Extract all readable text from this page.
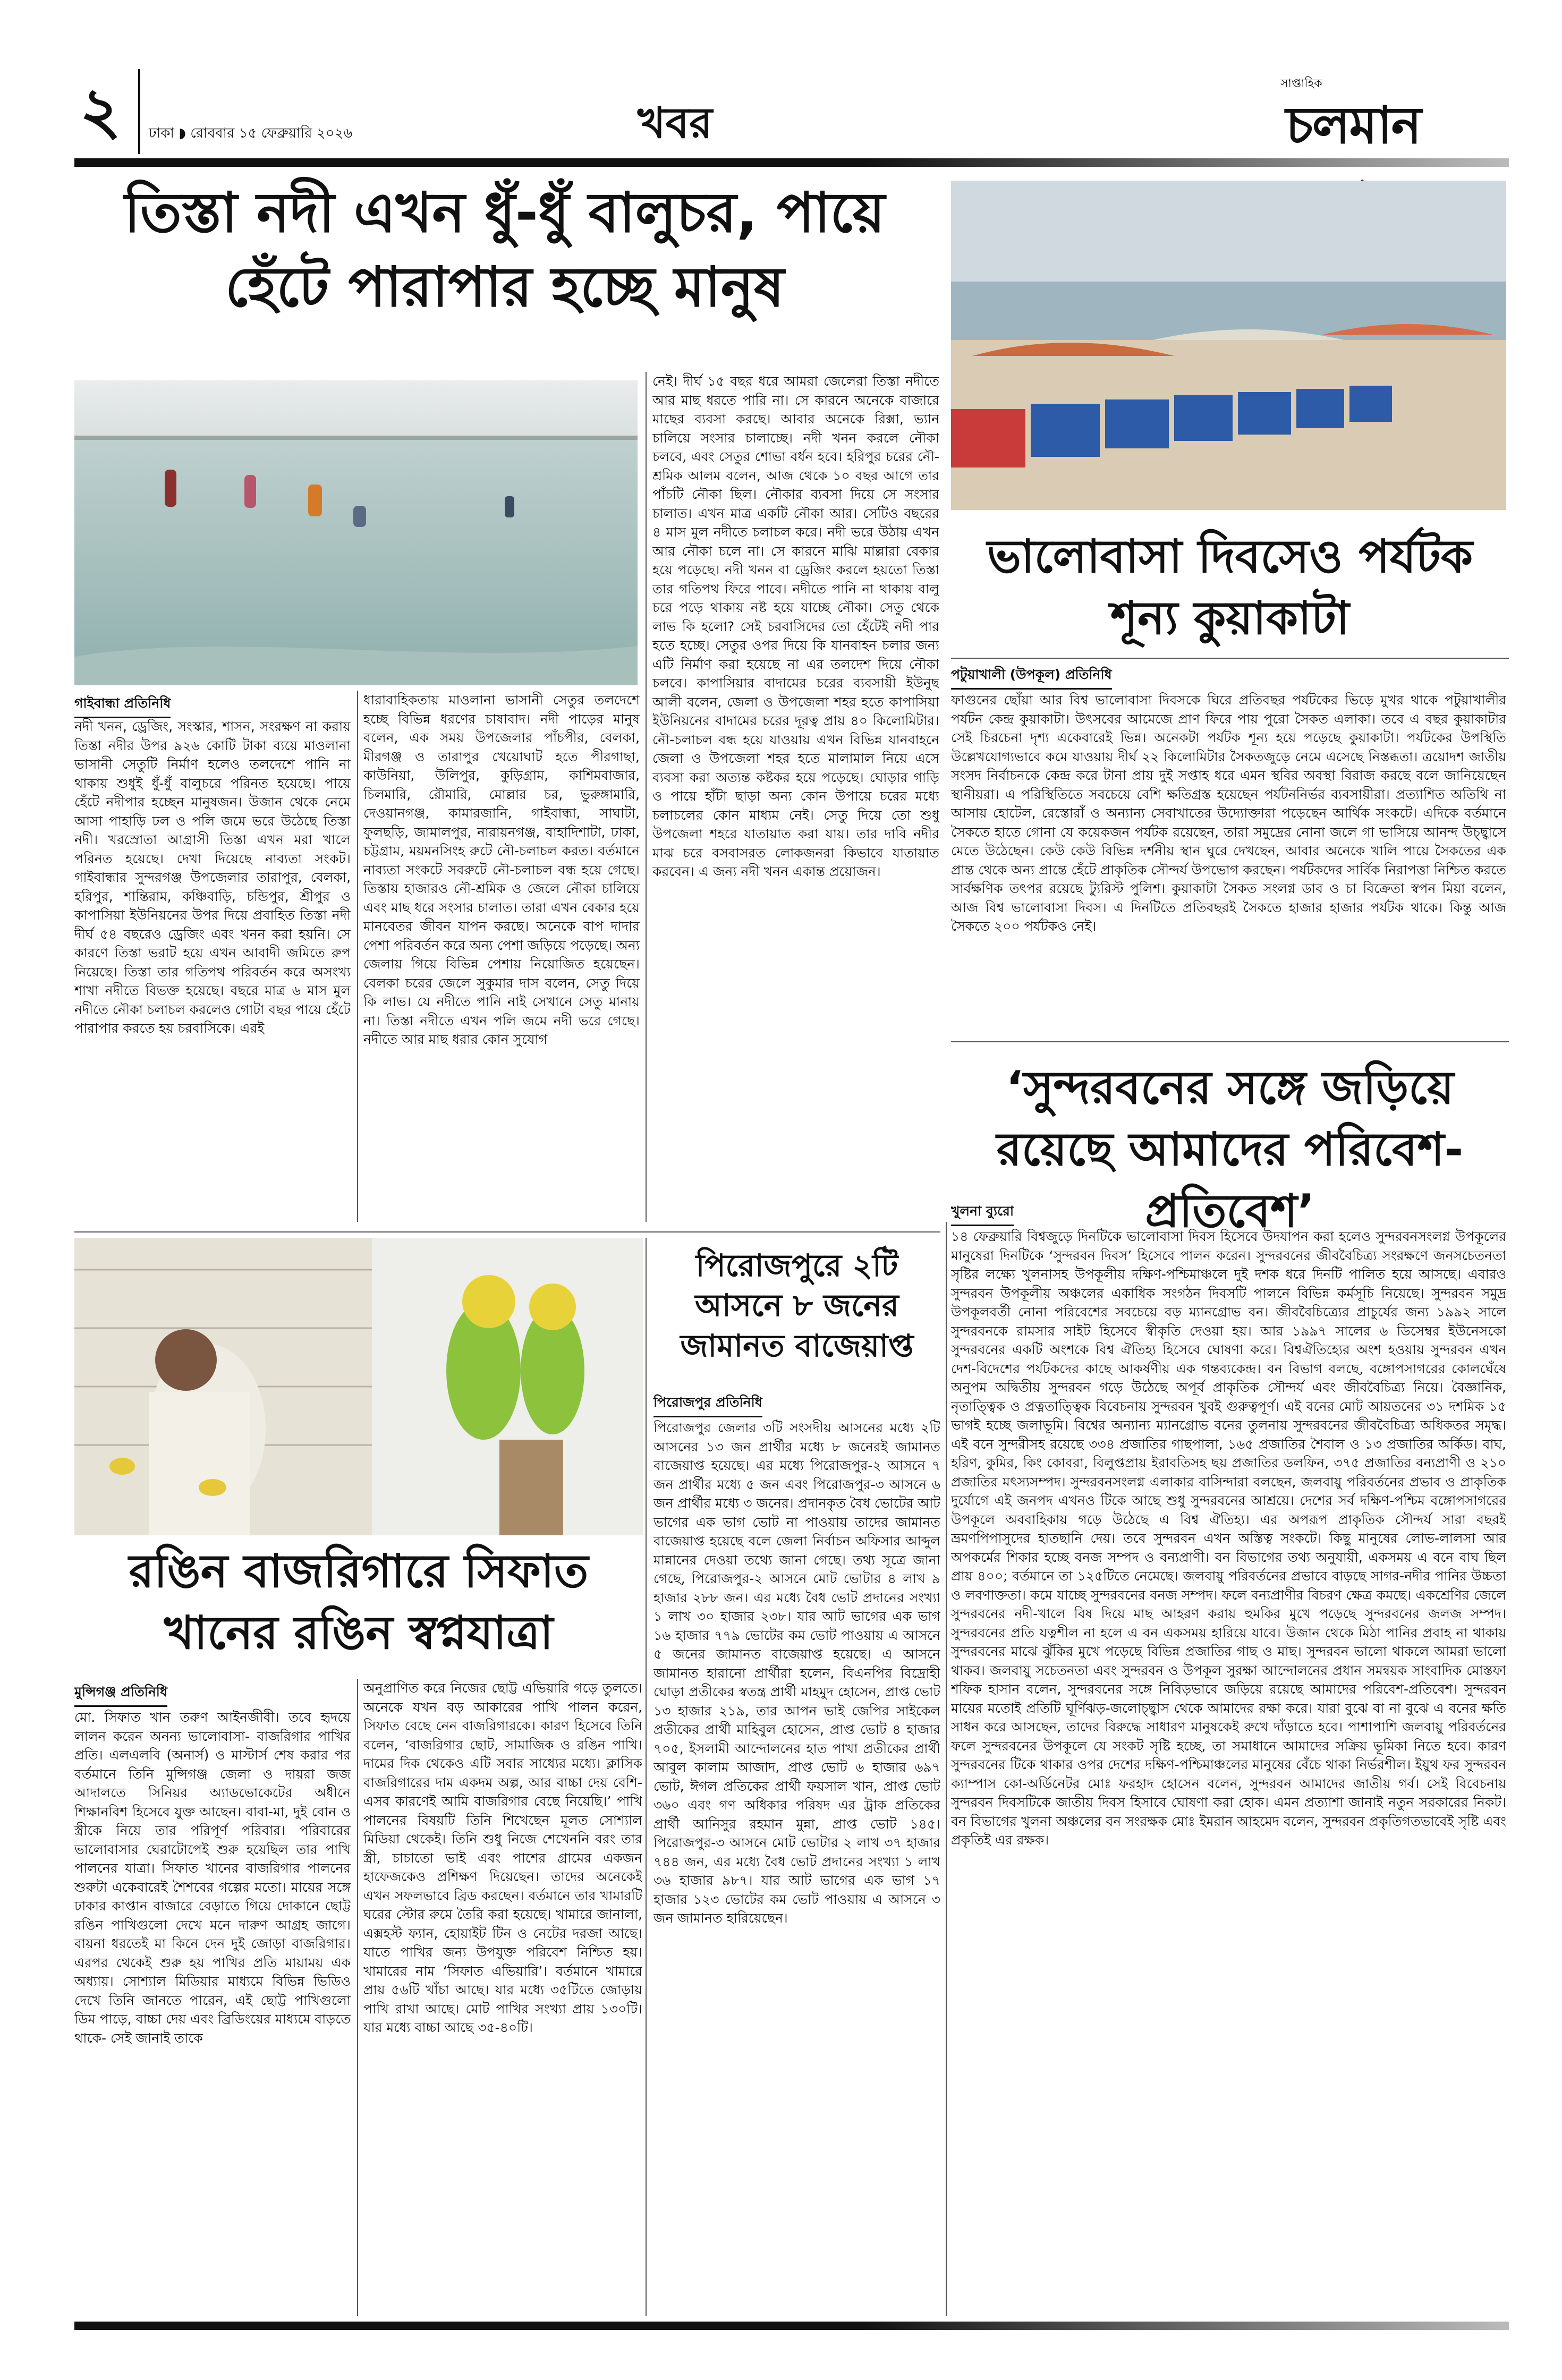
২ ঢাকা ◗ রোববার ১৫ ফেব্রুয়ারি ২০২৬	খবর
সাপ্তাহিক
চলমান
তিস্তা নদী এখন ধুঁ-ধুঁ বালুচর, পায়ে হেঁটে পারাপার হচ্ছে মানুষ
গাইবান্ধা প্রতিনিধি

নদী খনন, ড্রেজিং, সংস্কার, শাসন, সংরক্ষণ না করায় তিস্তা নদীর উপর ৯২৬ কোটি টাকা ব্যয়ে মাওলানা ভাসানী সেতুটি নির্মাণ হলেও তলদেশে পানি না থাকায় শুধুই ধুঁ-ধুঁ বালুচরে পরিনত হয়েছে। পায়ে হেঁটে নদীপার হচ্ছেন মানুষজন। উজান থেকে নেমে আসা পাহাড়ি ঢল ও পলি জমে ভরে উঠেছে তিস্তা নদী। খরস্রোতা আগ্রাসী তিস্তা এখন মরা খালে পরিনত হয়েছে। দেখা দিয়েছে নাব্যতা সংকট। গাইবান্ধার সুন্দরগঞ্জ উপজেলার তারাপুর, বেলকা, হরিপুর, শান্তিরাম, কঞ্চিবাড়ি, চন্ডিপুর, শ্রীপুর ও কাপাসিয়া ইউনিয়নের উপর দিয়ে প্রবাহিত তিস্তা নদী দীর্ঘ ৫৪ বছরেও ড্রেজিং এবং খনন করা হয়নি। সে কারণে তিস্তা ভরাট হয়ে এখন আবাদী জমিতে রুপ নিয়েছে। তিস্তা তার গতিপথ পরিবর্তন করে অসংখ্য শাখা নদীতে বিভক্ত হয়েছে। বছরে মাত্র ৬ মাস মুল নদীতে নৌকা চলাচল করলেও গোটা বছর পায়ে হেঁটে পারাপার করতে হয় চরবাসিকে। এরই

ধারাবাহিকতায় মাওলানা ভাসানী সেতুর তলদেশে হচ্ছে বিভিন্ন ধরণের চাষাবাদ। নদী পাড়ের মানুষ বলেন, এক সময় উপজেলার পাঁচপীর, বেলকা, মীরগঞ্জ ও তারাপুর খেয়োঘাট হতে পীরগাছা, কাউনিয়া, উলিপুর, কুড়িগ্রাম, কাশিমবাজার, চিলমারি, রৌমারি, মোল্লার চর, ভুরুঙ্গামারি, দেওয়ানগঞ্জ, কামারজানি, গাইবান্ধা, সাঘাটা, ফুলছড়ি, জামালপুর, নারায়নগঞ্জ, বাহাদিশাটা, ঢাকা, চট্টগ্রাম, ময়মনসিংহ রুটে নৌ-চলাচল করত। বর্তমানে নাব্যতা সংকটে সবরুটে নৌ-চলাচল বন্ধ হয়ে গেছে। তিস্তায় হাজারও নৌ-শ্রমিক ও জেলে নৌকা চালিয়ে এবং মাছ ধরে সংসার চালাত। তারা এখন বেকার হয়ে মানবেতর জীবন যাপন করছে। অনেকে বাপ দাদার পেশা পরিবর্তন করে অন্য পেশা জড়িয়ে পড়েছে। অন্য জেলায় গিয়ে বিভিন্ন পেশায় নিয়োজিত হয়েছেন। বেলকা চরের জেলে সুকুমার দাস বলেন, সেতু দিয়ে কি লাভ। যে নদীতে পানি নাই সেখানে সেতু মানায় না। তিস্তা নদীতে এখন পলি জমে নদী ভরে গেছে। নদীতে আর মাছ ধরার কোন সুযোগ

নেই। দীর্ঘ ১৫ বছর ধরে আমরা জেলেরা তিস্তা নদীতে আর মাছ ধরতে পারি না। সে কারনে অনেকে বাজারে মাছের ব্যবসা করছে। আবার অনেকে রিক্সা, ভ্যান চালিয়ে সংসার চালাচ্ছে। নদী খনন করলে নৌকা চলবে, এবং সেতুর শোভা বর্ধন হবে। হরিপুর চরের নৌ-শ্রমিক আলম বলেন, আজ থেকে ১০ বছর আগে তার পাঁচটি নৌকা ছিল। নৌকার ব্যবসা দিয়ে সে সংসার চালাত। এখন মাত্র একটি নৌকা আর। সেটিও বছরের ৪ মাস মুল নদীতে চলাচল করে। নদী ভরে উঠায় এখন আর নৌকা চলে না। সে কারনে মাঝি মাল্লারা বেকার হয়ে পড়েছে। নদী খনন বা ড্রেজিং করলে হয়তো তিস্তা তার গতিপথ ফিরে পাবে। নদীতে পানি না থাকায় বালু চরে পড়ে থাকায় নষ্ট হয়ে যাচ্ছে নৌকা। সেতু থেকে লাভ কি হলো? সেই চরবাসিদের তো হেঁটেই নদী পার হতে হচ্ছে। সেতুর ওপর দিয়ে কি যানবাহন চলার জন্য এটি নির্মাণ করা হয়েছে না এর তলদেশ দিয়ে নৌকা চলবে। কাপাসিয়ার বাদামের চরের ব্যবসায়ী ইউনুছ আলী বলেন, জেলা ও উপজেলা শহর হতে কাপাসিয়া ইউনিয়নের বাদামের চরের দূরত্ব প্রায় ৪০ কিলোমিটার। নৌ-চলাচল বন্ধ হয়ে যাওয়ায় এখন বিভিন্ন যানবাহনে জেলা ও উপজেলা শহর হতে মালামাল নিয়ে এসে ব্যবসা করা অত্যন্ত কষ্টকর হয়ে পড়েছে। ঘোড়ার গাড়ি ও পায়ে হাঁটা ছাড়া অন্য কোন উপায়ে চরের মধ্যে চলাচলের কোন মাধ্যম নেই। সেতু দিয়ে তো শুধু উপজেলা শহরে যাতায়াত করা যায়। তার দাবি নদীর মাঝ চরে বসবাসরত লোকজনরা কিভাবে যাতায়াত করবেন। এ জন্য নদী খনন একান্ত প্রয়োজন।

ভালোবাসা দিবসেও পর্যটক শূন্য কুয়াকাটা
পটুয়াখালী (উপকূল) প্রতিনিধি

ফাগুনের ছোঁয়া আর বিশ্ব ভালোবাসা দিবসকে ঘিরে প্রতিবছর পর্যটকের ভিড়ে মুখর থাকে পটুয়াখালীর পর্যটন কেন্দ্র কুয়াকাটা। উৎসবের আমেজে প্রাণ ফিরে পায় পুরো সৈকত এলাকা। তবে এ বছর কুয়াকাটার সেই চিরচেনা দৃশ্য একেবারেই ভিন্ন। অনেকটা পর্যটক শূন্য হয়ে পড়েছে কুয়াকাটা। পর্যটকের উপস্থিতি উল্লেখযোগ্যভাবে কমে যাওয়ায় দীর্ঘ ২২ কিলোমিটার সৈকতজুড়ে নেমে এসেছে নিস্তব্ধতা। ত্রয়োদশ জাতীয় সংসদ নির্বাচনকে কেন্দ্র করে টানা প্রায় দুই সপ্তাহ ধরে এমন স্থবির অবস্থা বিরাজ করছে বলে জানিয়েছেন স্থানীয়রা। এ পরিস্থিতিতে সবচেয়ে বেশি ক্ষতিগ্রস্ত হয়েছেন পর্যটননির্ভর ব্যবসায়ীরা। প্রত্যাশিত অতিথি না আসায় হোটেল, রেস্তোরাঁ ও অন্যান্য সেবাখাতের উদ্যোক্তারা পড়েছেন আর্থিক সংকটে। এদিকে বর্তমানে সৈকতে হাতে গোনা যে কয়েকজন পর্যটক রয়েছেন, তারা সমুদ্রের নোনা জলে গা ভাসিয়ে আনন্দ উচ্ছ্বাসে মেতে উঠেছেন। কেউ কেউ বিভিন্ন দর্শনীয় স্থান ঘুরে দেখছেন, আবার অনেকে খালি পায়ে সৈকতের এক প্রান্ত থেকে অন্য প্রান্তে হেঁটে প্রাকৃতিক সৌন্দর্য উপভোগ করছেন। পর্যটকদের সার্বিক নিরাপত্তা নিশ্চিত করতে সার্বক্ষণিক তৎপর রয়েছে ট্যুরিস্ট পুলিশ। কুয়াকাটা সৈকত সংলগ্ন ডাব ও চা বিক্রেতা স্বপন মিয়া বলেন, আজ বিশ্ব ভালোবাসা দিবস। এ দিনটিতে প্রতিবছরই সৈকতে হাজার হাজার পর্যটক থাকে। কিন্তু আজ সৈকতে ২০০ পর্যটকও নেই।

‘সুন্দরবনের সঙ্গে জড়িয়ে রয়েছে আমাদের পরিবেশ-প্রতিবেশ’
খুলনা ব্যুরো

১৪ ফেব্রুয়ারি বিশ্বজুড়ে দিনটিকে ভালোবাসা দিবস হিসেবে উদযাপন করা হলেও সুন্দরবনসংলগ্ন উপকূলের মানুষেরা দিনটিকে ‘সুন্দরবন দিবস’ হিসেবে পালন করেন। সুন্দরবনের জীববৈচিত্র্য সংরক্ষণে জনসচেতনতা সৃষ্টির লক্ষ্যে খুলনাসহ উপকূলীয় দক্ষিণ-পশ্চিমাঞ্চলে দুই দশক ধরে দিনটি পালিত হয়ে আসছে। এবারও সুন্দরবন উপকূলীয় অঞ্চলের একাধিক সংগঠন দিবসটি পালনে বিভিন্ন কর্মসূচি নিয়েছে। সুন্দরবন সমুদ্র উপকূলবর্তী নোনা পরিবেশের সবচেয়ে বড় ম্যানগ্রোভ বন। জীববৈচিত্র্যের প্রাচুর্যের জন্য ১৯৯২ সালে সুন্দরবনকে রামসার সাইট হিসেবে স্বীকৃতি দেওয়া হয়। আর ১৯৯৭ সালের ৬ ডিসেম্বর ইউনেসকো সুন্দরবনের একটি অংশকে বিশ্ব ঐতিহ্য হিসেবে ঘোষণা করে। বিশ্বঐতিহ্যের অংশ হওয়ায় সুন্দরবন এখন দেশ-বিদেশের পর্যটকদের কাছে আকর্ষণীয় এক গন্তব্যকেন্দ্র। বন বিভাগ বলছে, বঙ্গোপসাগরের কোলঘেঁষে অনুপম অদ্বিতীয় সুন্দরবন গড়ে উঠেছে অপূর্ব প্রাকৃতিক সৌন্দর্য এবং জীববৈচিত্র্য নিয়ে। বৈজ্ঞানিক, নৃতাত্ত্বিক ও প্রত্নতাত্ত্বিক বিবেচনায় সুন্দরবন খুবই গুরুত্বপূর্ণ। এই বনের মোট আয়তনের ৩১ দশমিক ১৫ ভাগই হচ্ছে জলাভূমি। বিশ্বের অন্যান্য ম্যানগ্রোভ বনের তুলনায় সুন্দরবনের জীববৈচিত্র্য অধিকতর সমৃদ্ধ। এই বনে সুন্দরীসহ রয়েছে ৩৩৪ প্রজাতির গাছপালা, ১৬৫ প্রজাতির শৈবাল ও ১৩ প্রজাতির অর্কিড। বাঘ, হরিণ, কুমির, কিং কোবরা, বিলুপ্তপ্রায় ইরাবতিসহ ছয় প্রজাতির ডলফিন, ৩৭৫ প্রজাতির বন্যপ্রাণী ও ২১০ প্রজাতির মৎস্যসম্পদ। সুন্দরবনসংলগ্ন এলাকার বাসিন্দারা বলছেন, জলবায়ু পরিবর্তনের প্রভাব ও প্রাকৃতিক দুর্যোগে এই জনপদ এখনও টিকে আছে শুধু সুন্দরবনের আশ্রয়ে। দেশের সর্ব দক্ষিণ-পশ্চিম বঙ্গোপসাগরের উপকূলে অববাহিকায় গড়ে উঠেছে এ বিশ্ব ঐতিহ্য। এর অপরূপ প্রাকৃতিক সৌন্দর্য সারা বছরই ভ্রমণপিপাসুদের হাতছানি দেয়। তবে সুন্দরবন এখন অস্তিত্ব সংকটে। কিছু মানুষের লোভ-লালসা আর অপকর্মের শিকার হচ্ছে বনজ সম্পদ ও বন্যপ্রাণী। বন বিভাগের তথ্য অনুযায়ী, একসময় এ বনে বাঘ ছিল প্রায় ৪০০; বর্তমানে তা ১২৫টিতে নেমেছে। জলবায়ু পরিবর্তনের প্রভাবে বাড়ছে সাগর-নদীর পানির উচ্চতা ও লবণাক্ততা। কমে যাচ্ছে সুন্দরবনের বনজ সম্পদ। ফলে বন্যপ্রাণীর বিচরণ ক্ষেত্র কমছে। একশ্রেণির জেলে সুন্দরবনের নদী-খালে বিষ দিয়ে মাছ আহরণ করায় হুমকির মুখে পড়েছে সুন্দরবনের জলজ সম্পদ। সুন্দরবনের প্রতি যত্নশীল না হলে এ বন একসময় হারিয়ে যাবে। উজান থেকে মিঠা পানির প্রবাহ না থাকায় সুন্দরবনের মাঝে ঝুঁকির মুখে পড়েছে বিভিন্ন প্রজাতির গাছ ও মাছ। সুন্দরবন ভালো থাকলে আমরা ভালো থাকব। জলবায়ু সচেতনতা এবং সুন্দরবন ও উপকূল সুরক্ষা আন্দোলনের প্রধান সমন্বয়ক সাংবাদিক মোস্তফা শফিক হাসান বলেন, সুন্দরবনের সঙ্গে নিবিড়ভাবে জড়িয়ে রয়েছে আমাদের পরিবেশ-প্রতিবেশ। সুন্দরবন মায়ের মতোই প্রতিটি ঘূর্ণিঝড়-জলোচ্ছ্বাস থেকে আমাদের রক্ষা করে। যারা বুঝে বা না বুঝে এ বনের ক্ষতি সাধন করে আসছেন, তাদের বিরুদ্ধে সাধারণ মানুষকেই রুখে দাঁড়াতে হবে। পাশাপাশি জলবায়ু পরিবর্তনের ফলে সুন্দরবনের উপকূলে যে সংকট সৃষ্টি হচ্ছে, তা সমাধানে আমাদের সক্রিয় ভূমিকা নিতে হবে। কারণ সুন্দরবনের টিকে থাকার ওপর দেশের দক্ষিণ-পশ্চিমাঞ্চলের মানুষের বেঁচে থাকা নির্ভরশীল। ইয়ুথ ফর সুন্দরবন ক্যাম্পাস কো-অর্ডিনেটর মোঃ ফরহাদ হোসেন বলেন, সুন্দরবন আমাদের জাতীয় গর্ব। সেই বিবেচনায় সুন্দরবন দিবসটিকে জাতীয় দিবস হিসাবে ঘোষণা করা হোক। এমন প্রত্যাশা জানাই নতুন সরকারের নিকট। বন বিভাগের খুলনা অঞ্চলের বন সংরক্ষক মোঃ ইমরান আহমেদ বলেন, সুন্দরবন প্রকৃতিগতভাবেই সৃষ্টি এবং প্রকৃতিই এর রক্ষক।

রঙিন বাজরিগারে সিফাত খানের রঙিন স্বপ্নযাত্রা
মুন্সিগঞ্জ প্রতিনিধি

মো. সিফাত খান তরুণ আইনজীবী। তবে হৃদয়ে লালন করেন অনন্য ভালোবাসা- বাজরিগার পাখির প্রতি। এলএলবি (অনার্স) ও মাস্টার্স শেষ করার পর বর্তমানে তিনি মুন্সিগঞ্জ জেলা ও দায়রা জজ আদালতে সিনিয়র অ্যাডভোকেটের অধীনে শিক্ষানবিশ হিসেবে যুক্ত আছেন। বাবা-মা, দুই বোন ও স্ত্রীকে নিয়ে তার পরিপূর্ণ পরিবার। পরিবারের ভালোবাসার ঘেরাটোপেই শুরু হয়েছিল তার পাখি পালনের যাত্রা। সিফাত খানের বাজরিগার পালনের শুরুটা একেবারেই শৈশবের গল্পের মতো। মায়ের সঙ্গে ঢাকার কাপ্তান বাজারে বেড়াতে গিয়ে দোকানে ছোট্ট রঙিন পাখিগুলো দেখে মনে দারুণ আগ্রহ জাগে। বায়না ধরতেই মা কিনে দেন দুই জোড়া বাজরিগার। এরপর থেকেই শুরু হয় পাখির প্রতি মায়াময় এক অধ্যায়। সোশ্যাল মিডিয়ার মাধ্যমে বিভিন্ন ভিডিও দেখে তিনি জানতে পারেন, এই ছোট্ট পাখিগুলো ডিম পাড়ে, বাচ্চা দেয় এবং ব্রিডিংয়ের মাধ্যমে বাড়তে থাকে- সেই জানাই তাকে

অনুপ্রাণিত করে নিজের ছোট্ট এভিয়ারি গড়ে তুলতে। অনেকে যখন বড় আকারের পাখি পালন করেন, সিফাত বেছে নেন বাজরিগারকে। কারণ হিসেবে তিনি বলেন, ‘বাজরিগার ছোট, সামাজিক ও রঙিন পাখি। দামের দিক থেকেও এটি সবার সাধ্যের মধ্যে। ক্লাসিক বাজরিগারের দাম একদম অল্প, আর বাচ্চা দেয় বেশি- এসব কারণেই আমি বাজরিগার বেছে নিয়েছি।’ পাখি পালনের বিষয়টি তিনি শিখেছেন মূলত সোশ্যাল মিডিয়া থেকেই। তিনি শুধু নিজে শেখেননি বরং তার স্ত্রী, চাচাতো ভাই এবং পাশের গ্রামের একজন হাফেজকেও প্রশিক্ষণ দিয়েছেন। তাদের অনেকেই এখন সফলভাবে ব্রিড করছেন। বর্তমানে তার খামারটি ঘরের স্টোর রুমে তৈরি করা হয়েছে। খামারে জানালা, এক্সহস্ট ফ্যান, হোয়াইট টিন ও নেটের দরজা আছে। যাতে পাখির জন্য উপযুক্ত পরিবেশ নিশ্চিত হয়। খামারের নাম ‘সিফাত এভিয়ারি’। বর্তমানে খামারে প্রায় ৫৬টি খাঁচা আছে। যার মধ্যে ৩৫টিতে জোড়ায় পাখি রাখা আছে। মোট পাখির সংখ্যা প্রায় ১৩০টি। যার মধ্যে বাচ্চা আছে ৩৫-৪০টি।

পিরোজপুরে ২টি আসনে ৮ জনের জামানত বাজেয়াপ্ত
পিরোজপুর প্রতিনিধি

পিরোজপুর জেলার ৩টি সংসদীয় আসনের মধ্যে ২টি আসনের ১৩ জন প্রার্থীর মধ্যে ৮ জনেরই জামানত বাজেয়াপ্ত হয়েছে। এর মধ্যে পিরোজপুর-২ আসনে ৭ জন প্রার্থীর মধ্যে ৫ জন এবং পিরোজপুর-৩ আসনে ৬ জন প্রার্থীর মধ্যে ৩ জনের। প্রদানকৃত বৈধ ভোটের আট ভাগের এক ভাগ ভোট না পাওয়ায় তাদের জামানত বাজেয়াপ্ত হয়েছে বলে জেলা নির্বাচন অফিসার আব্দুল মান্নানের দেওয়া তথ্যে জানা গেছে। তথ্য সূত্রে জানা গেছে, পিরোজপুর-২ আসনে মোট ভোটার ৪ লাখ ৯ হাজার ২৮৮ জন। এর মধ্যে বৈধ ভোট প্রদানের সংখ্যা ১ লাখ ৩০ হাজার ২৩৮। যার আট ভাগের এক ভাগ ১৬ হাজার ৭৭৯ ভোটের কম ভোট পাওয়ায় এ আসনে ৫ জনের জামানত বাজেয়াপ্ত হয়েছে। এ আসনে জামানত হারানো প্রার্থীরা হলেন, বিএনপির বিদ্রোহী ঘোড়া প্রতীকের স্বতন্ত্র প্রার্থী মাহমুদ হোসেন, প্রাপ্ত ভোট ১৩ হাজার ২১৯, তার আপন ভাই জেপির সাইকেল প্রতীকের প্রার্থী মাহিবুল হোসেন, প্রাপ্ত ভোট ৪ হাজার ৭০৫, ইসলামী আন্দোলনের হাত পাখা প্রতীকের প্রার্থী আবুল কালাম আজাদ, প্রাপ্ত ভোট ৬ হাজার ৬৯৭ ভোট, ঈগল প্রতিকের প্রার্থী ফয়সাল খান, প্রাপ্ত ভোট ৩৬০ এবং গণ অধিকার পরিষদ এর ট্রাক প্রতিকের প্রার্থী আনিসুর রহমান মুন্না, প্রাপ্ত ভোট ১৪৫। পিরোজপুর-৩ আসনে মোট ভোটার ২ লাখ ৩৭ হাজার ৭৪৪ জন, এর মধ্যে বৈধ ভোট প্রদানের সংখ্যা ১ লাখ ৩৬ হাজার ৯৮৭। যার আট ভাগের এক ভাগ ১৭ হাজার ১২৩ ভোটের কম ভোট পাওয়ায় এ আসনে ৩ জন জামানত হারিয়েছেন।
